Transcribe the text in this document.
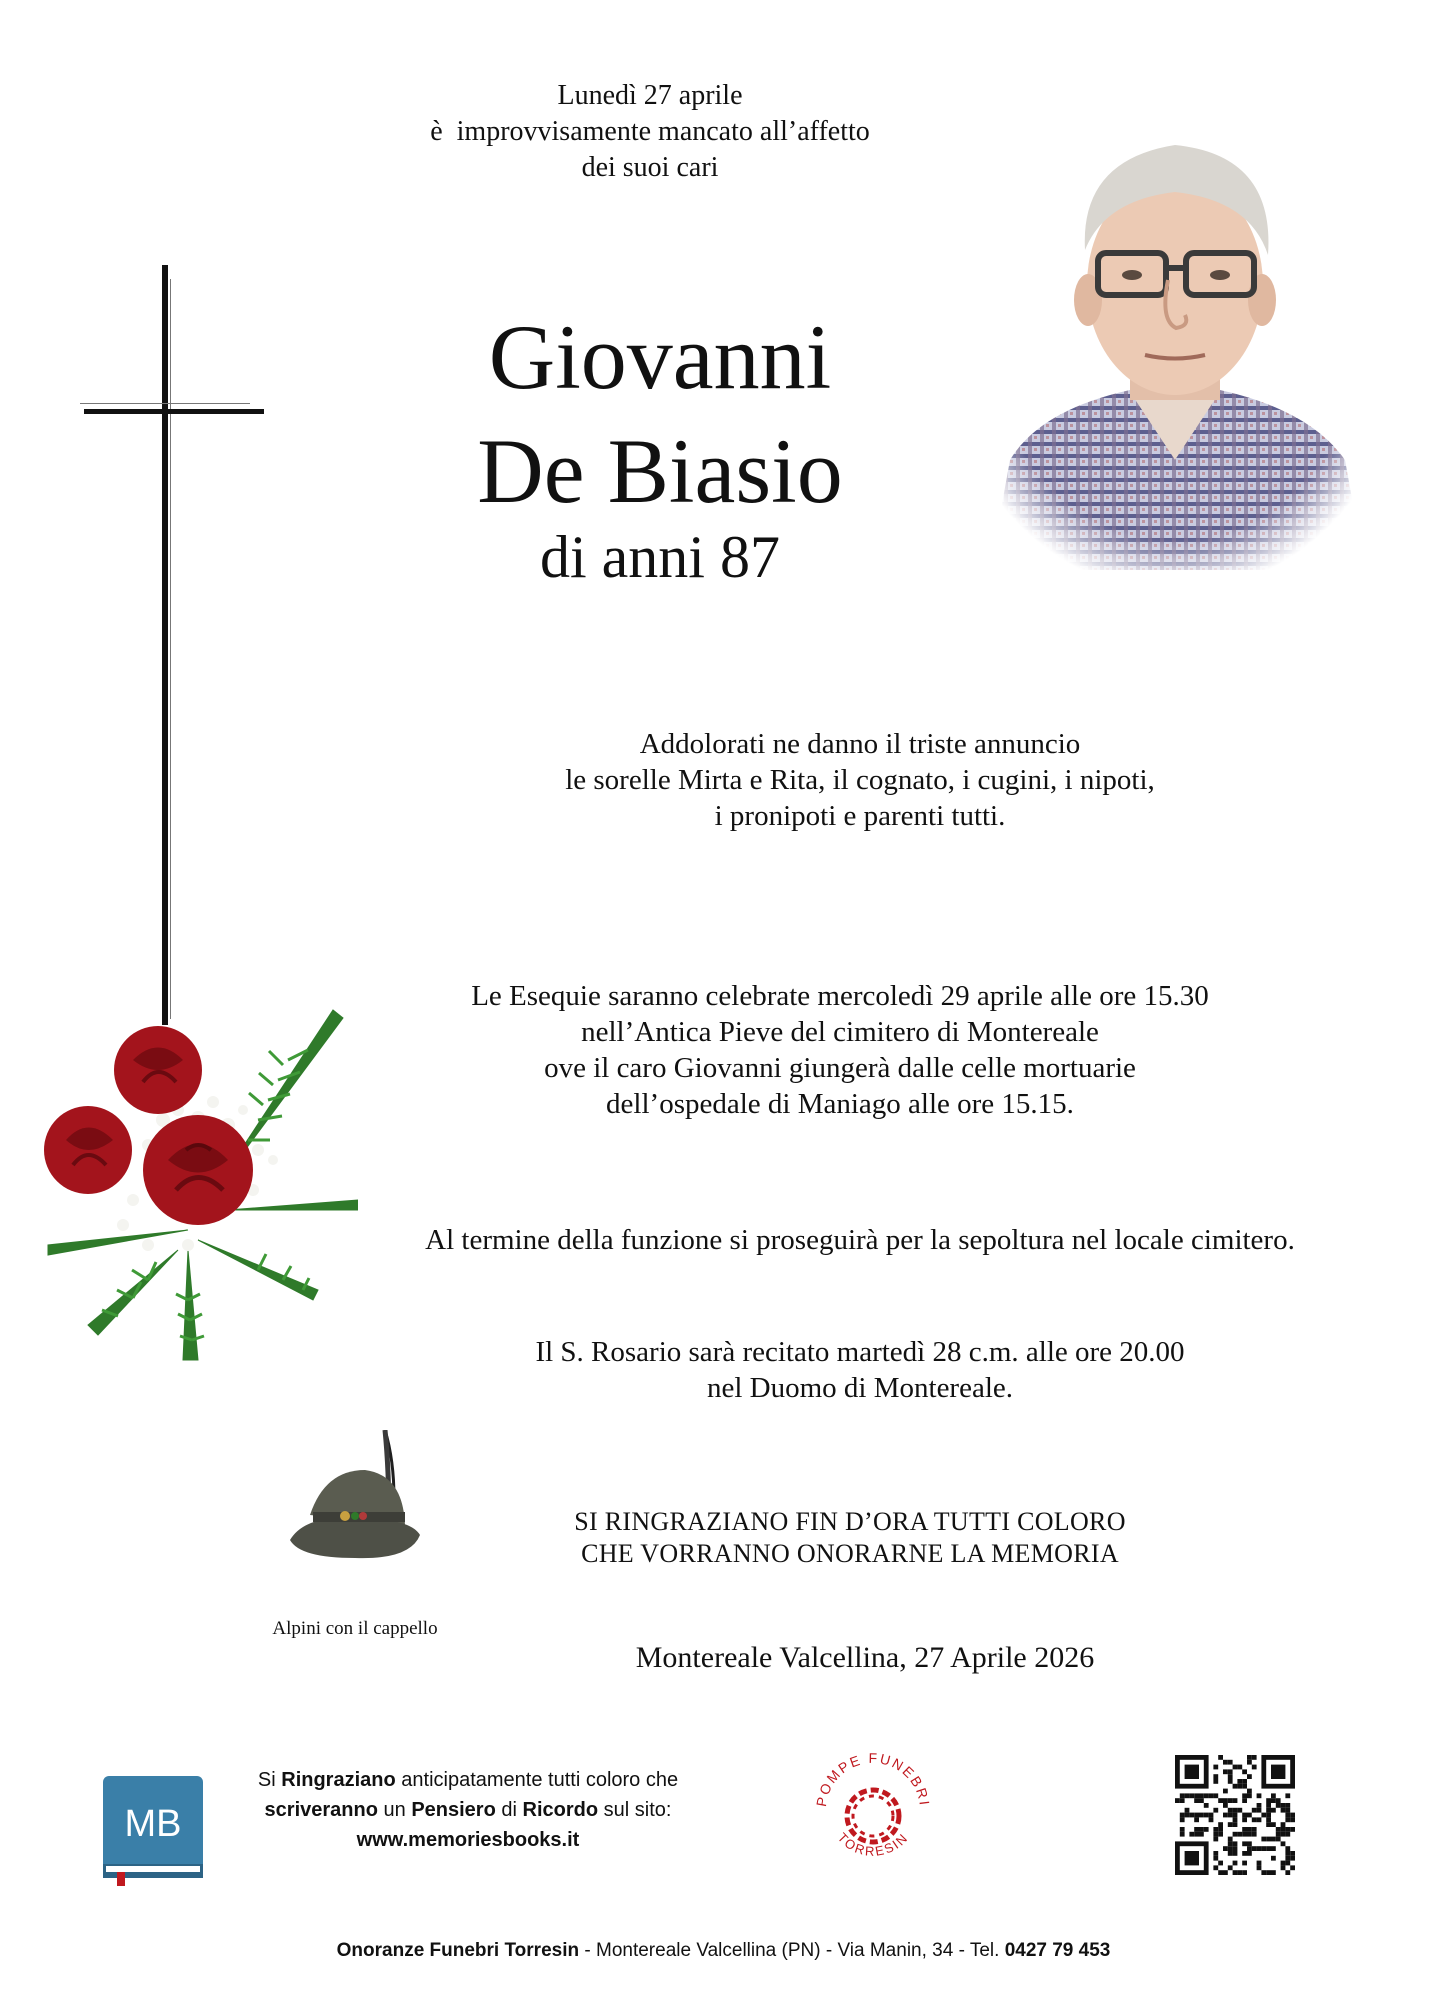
Lunedì 27 aprile
è  improvvisamente mancato all’affetto
dei suoi cari
Giovanni
De Biasio
di anni 87
Addolorati ne danno il triste annuncio
le sorelle Mirta e Rita, il cognato, i cugini, i nipoti,
i pronipoti e parenti tutti.
Le Esequie saranno celebrate mercoledì 29 aprile alle ore 15.30
nell’Antica Pieve del cimitero di Montereale
ove il caro Giovanni giungerà dalle celle mortuarie
dell’ospedale di Maniago alle ore 15.15.
Al termine della funzione si proseguirà per la sepoltura nel locale cimitero.
Il S. Rosario sarà recitato martedì 28 c.m. alle ore 20.00
nel Duomo di Montereale.
Alpini con il cappello
SI RINGRAZIANO FIN D’ORA TUTTI COLORO
CHE VORRANNO ONORARNE LA MEMORIA
Montereale Valcellina, 27 Aprile 2026
MB
Si Ringraziano anticipatamente tutti coloro che
scriveranno un Pensiero di Ricordo sul sito:
www.memoriesbooks.it
POMPE FUNEBRI
TORRESIN
Onoranze Funebri Torresin - Montereale Valcellina (PN) - Via Manin, 34 - Tel. 0427 79 453
